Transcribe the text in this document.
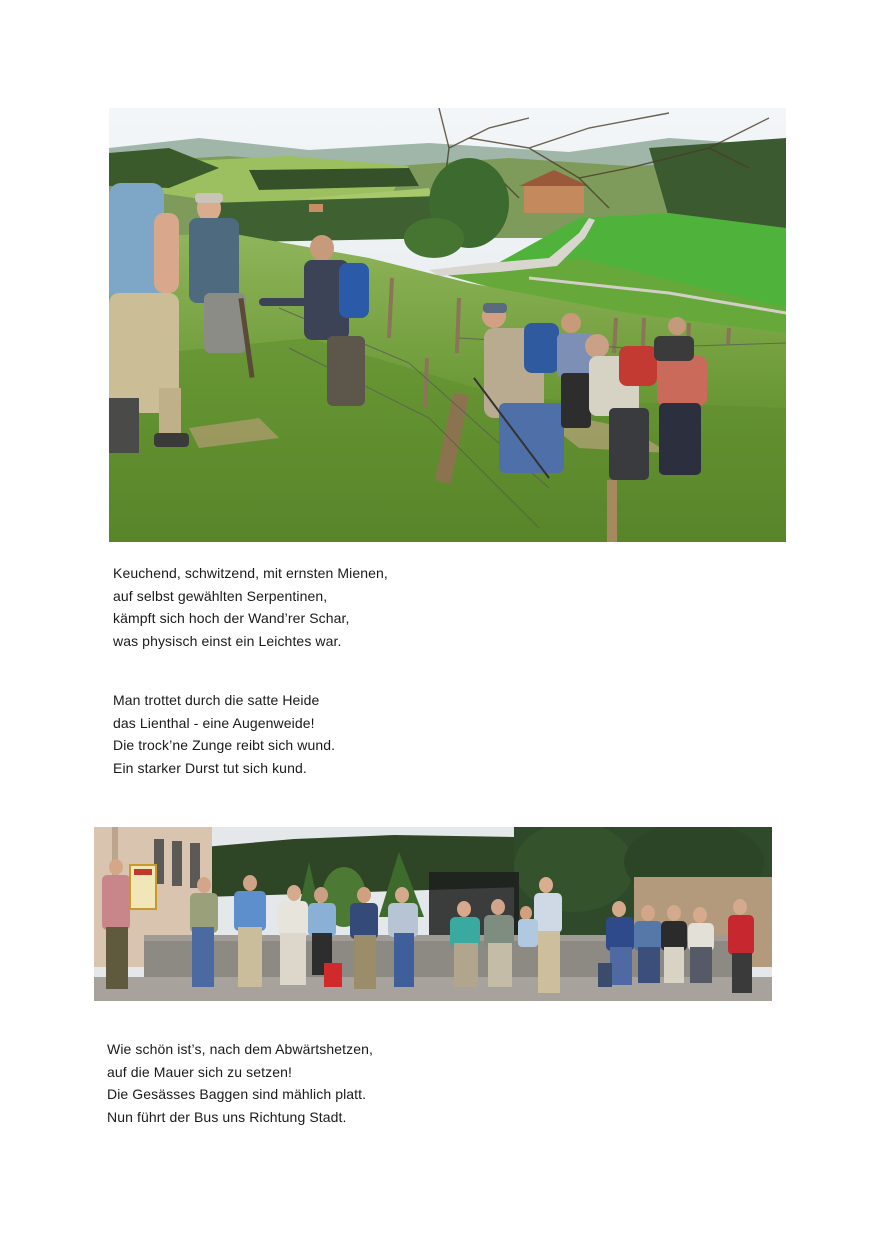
Keuchend, schwitzend, mit ernsten Mienen,
auf selbst gewählten Serpentinen,
kämpft sich hoch der Wand’rer Schar,
was physisch einst ein Leichtes war.
Man trottet durch die satte Heide
das Lienthal - eine Augenweide!
Die trock’ne Zunge reibt sich wund.
Ein starker Durst tut sich kund.
Wie schön ist’s, nach dem Abwärtshetzen,
auf die Mauer sich zu setzen!
Die Gesässes Baggen sind mählich platt.
Nun führt der Bus uns Richtung Stadt.
